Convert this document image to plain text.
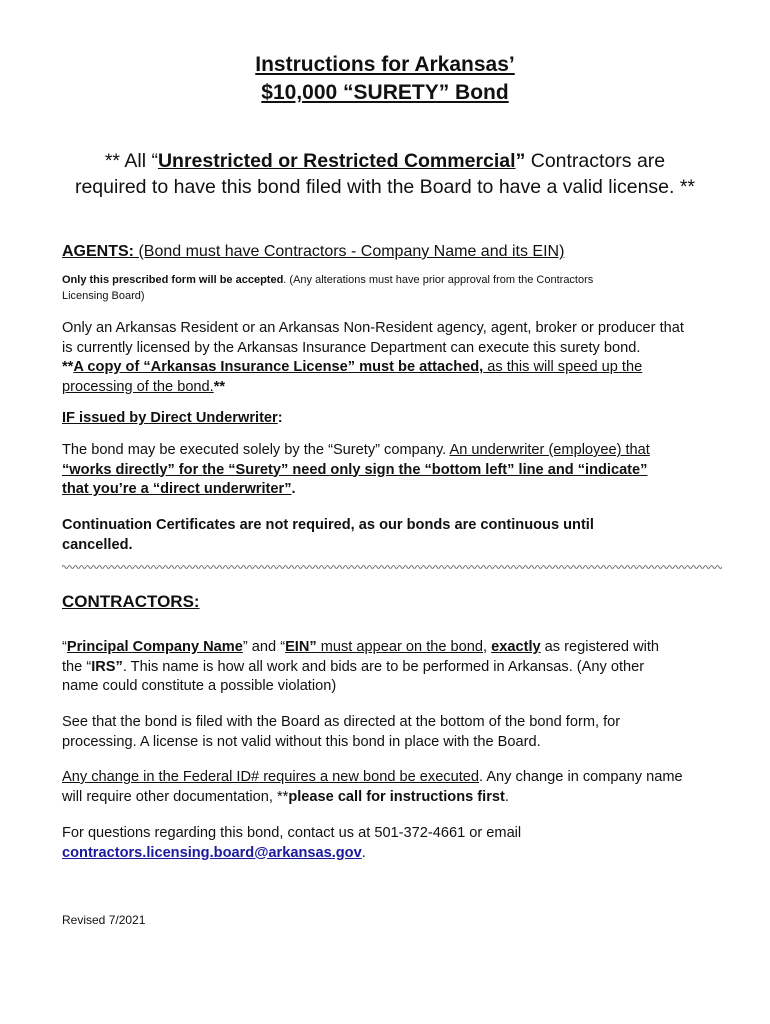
Instructions for Arkansas’
$10,000 “SURETY” Bond
** All “Unrestricted or Restricted Commercial” Contractors are
required to have this bond filed with the Board to have a valid license. **
AGENTS: (Bond must have Contractors - Company Name and its EIN)
Only this prescribed form will be accepted. (Any alterations must have prior approval from the Contractors
Licensing Board)
Only an Arkansas Resident or an Arkansas Non-Resident agency, agent, broker or producer that
is currently licensed by the Arkansas Insurance Department can execute this surety bond.
**A copy of “Arkansas Insurance License” must be attached, as this will speed up the
processing of the bond.**
IF issued by Direct Underwriter:
The bond may be executed solely by the “Surety” company. An underwriter (employee) that
“works directly” for the “Surety” need only sign the “bottom left” line and “indicate”
that you’re a “direct underwriter”.
Continuation Certificates are not required, as our bonds are continuous until
cancelled.
CONTRACTORS:
“Principal Company Name” and “EIN” must appear on the bond, exactly as registered with
the “IRS”. This name is how all work and bids are to be performed in Arkansas. (Any other
name could constitute a possible violation)
See that the bond is filed with the Board as directed at the bottom of the bond form, for
processing. A license is not valid without this bond in place with the Board.
Any change in the Federal ID# requires a new bond be executed. Any change in company name
will require other documentation, **please call for instructions first.
For questions regarding this bond, contact us at 501-372-4661 or email
contractors.licensing.board@arkansas.gov.
Revised 7/2021
